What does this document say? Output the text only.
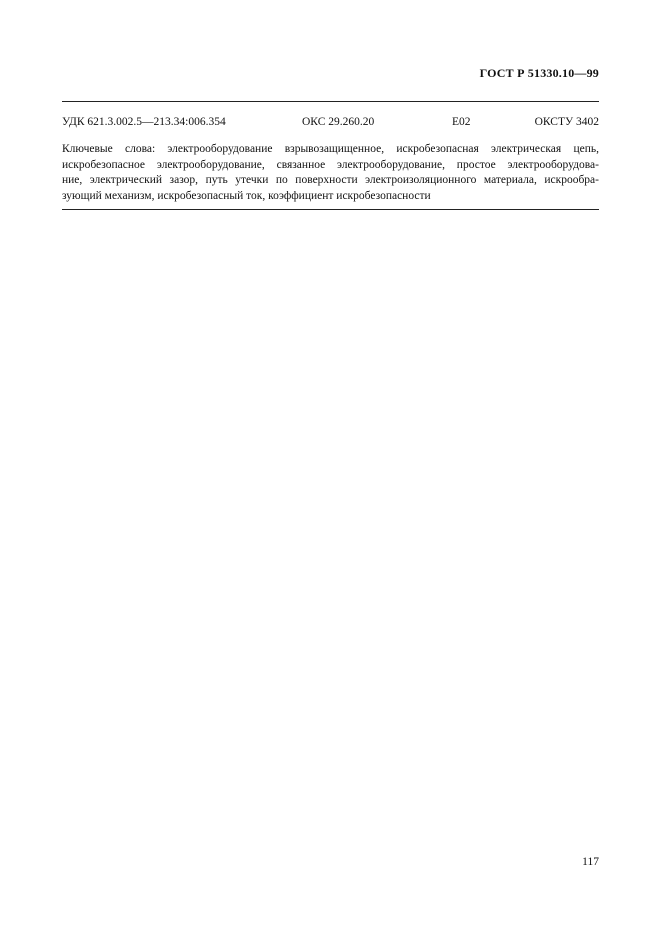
ГОСТ Р 51330.10—99
УДК 621.3.002.5—213.34:006.354	ОКС 29.260.20	Е02	ОКСТУ 3402
Ключевые слова: электрооборудование взрывозащищенное, искробезопасная электрическая цепь,
искробезопасное электрооборудование, связанное электрооборудование, простое электрооборудова-
ние, электрический зазор, путь утечки по поверхности электроизоляционного материала, искрообра-
зующий механизм, искробезопасный ток, коэффициент искробезопасности
117
